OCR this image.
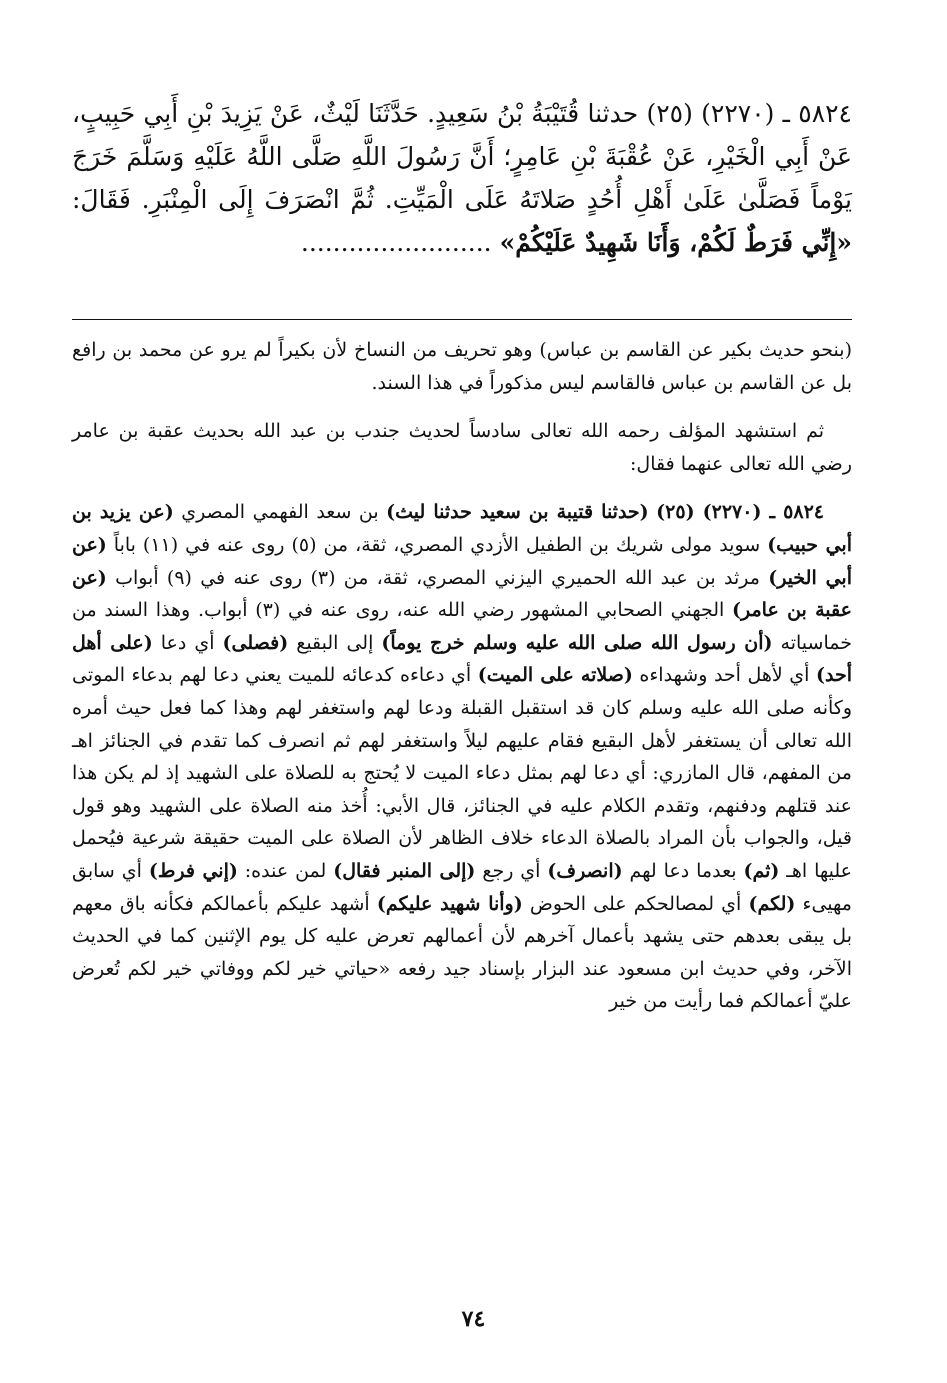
٥٨٢٤ ـ (٢٢٧٠) (٢٥) حدثنا قُتَيْبَةُ بْنُ سَعِيدٍ. حَدَّثَنَا لَيْثٌ، عَنْ يَزِيدَ بْنِ أَبِي حَبِيبٍ، عَنْ أَبِي الْخَيْرِ، عَنْ عُقْبَةَ بْنِ عَامِرٍ؛ أَنَّ رَسُولَ اللَّهِ صَلَّى اللَّهُ عَلَيْهِ وَسَلَّمَ خَرَجَ يَوْماً فَصَلَّىٰ عَلَىٰ أَهْلِ أُحُدٍ صَلاتَهُ عَلَى الْمَيِّتِ. ثُمَّ انْصَرَفَ إِلَى الْمِنْبَرِ. فَقَالَ: «إِنِّي فَرَطٌ لَكُمْ، وَأَنَا شَهِيدٌ عَلَيْكُمْ» ........................

(بنحو حديث بكير عن القاسم بن عباس) وهو تحريف من النساخ لأن بكيراً لم يرو عن محمد بن رافع بل عن القاسم بن عباس فالقاسم ليس مذكوراً في هذا السند.

ثم استشهد المؤلف رحمه الله تعالى سادساً لحديث جندب بن عبد الله بحديث عقبة بن عامر رضي الله تعالى عنهما فقال:

٥٨٢٤ ـ (٢٢٧٠) (٢٥) (حدثنا قتيبة بن سعيد حدثنا ليث) بن سعد الفهمي المصري (عن يزيد بن أبي حبيب) سويد مولى شريك بن الطفيل الأزدي المصري، ثقة، من (٥) روى عنه في (١١) باباً (عن أبي الخير) مرثد بن عبد الله الحميري اليزني المصري، ثقة، من (٣) روى عنه في (٩) أبواب (عن عقبة بن عامر) الجهني الصحابي المشهور رضي الله عنه، روى عنه في (٣) أبواب. وهذا السند من خماسياته (أن رسول الله صلى الله عليه وسلم خرج يوماً) إلى البقيع (فصلى) أي دعا (على أهل أحد) أي لأهل أحد وشهداءه (صلاته على الميت) أي دعاءه كدعائه للميت يعني دعا لهم بدعاء الموتى وكأنه صلى الله عليه وسلم كان قد استقبل القبلة ودعا لهم واستغفر لهم وهذا كما فعل حيث أمره الله تعالى أن يستغفر لأهل البقيع فقام عليهم ليلاً واستغفر لهم ثم انصرف كما تقدم في الجنائز اهـ من المفهم، قال المازري: أي دعا لهم بمثل دعاء الميت لا يُحتج به للصلاة على الشهيد إذ لم يكن هذا عند قتلهم ودفنهم، وتقدم الكلام عليه في الجنائز، قال الأبي: أُخذ منه الصلاة على الشهيد وهو قول قيل، والجواب بأن المراد بالصلاة الدعاء خلاف الظاهر لأن الصلاة على الميت حقيقة شرعية فيُحمل عليها اهـ (ثم) بعدما دعا لهم (انصرف) أي رجع (إلى المنبر فقال) لمن عنده: (إني فرط) أي سابق مهيىء (لكم) أي لمصالحكم على الحوض (وأنا شهيد عليكم) أشهد عليكم بأعمالكم فكأنه باق معهم بل يبقى بعدهم حتى يشهد بأعمال آخرهم لأن أعمالهم تعرض عليه كل يوم الإثنين كما في الحديث الآخر، وفي حديث ابن مسعود عند البزار بإسناد جيد رفعه «حياتي خير لكم ووفاتي خير لكم تُعرض عليّ أعمالكم فما رأيت من خير

٧٤
